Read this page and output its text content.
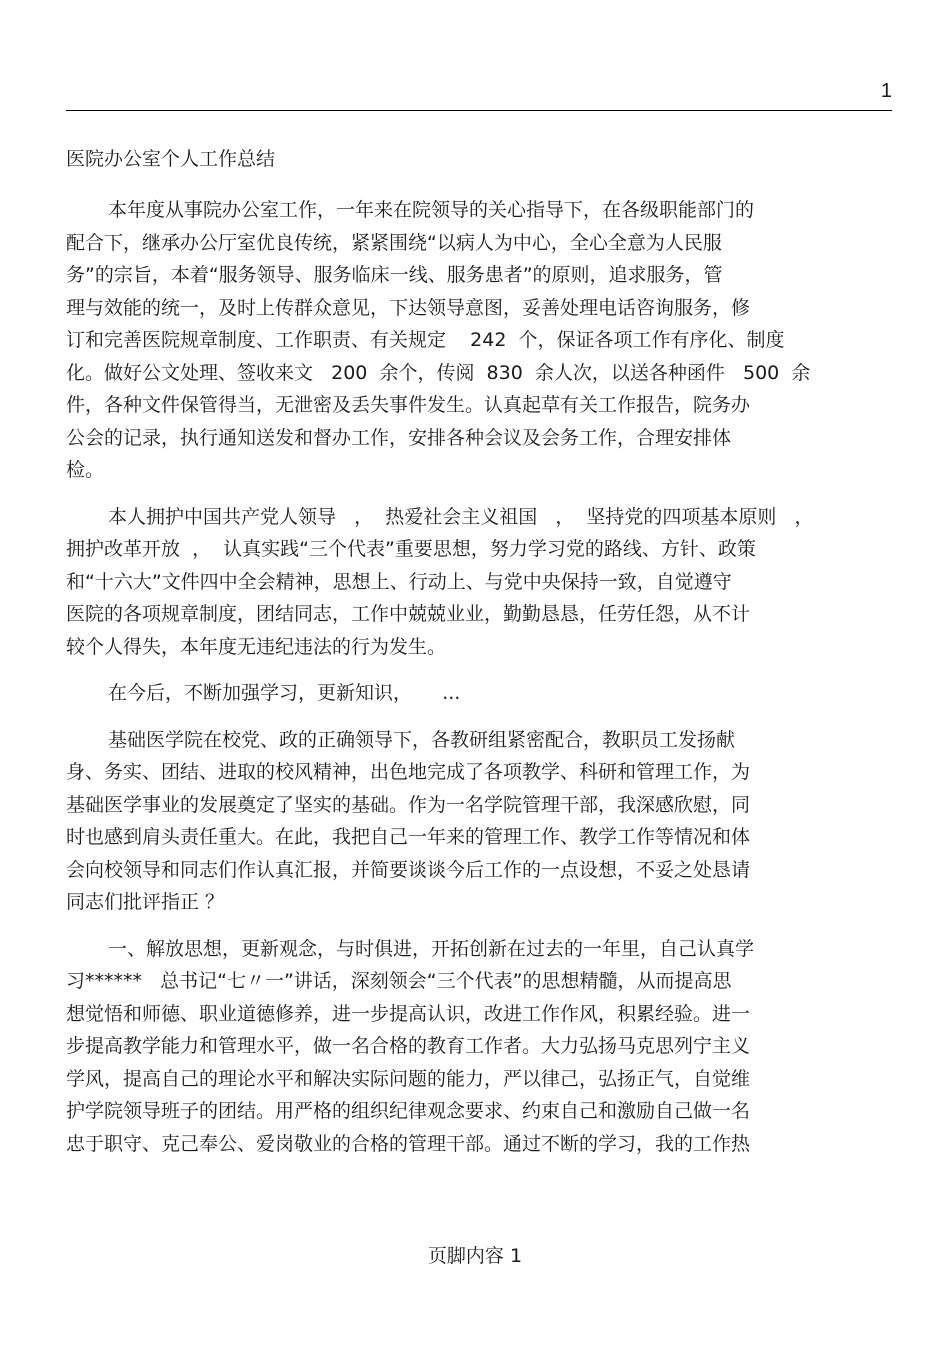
1
医院办公室个人工作总结

本年度从事院办公室工作，一年来在院领导的关心指导下，在各级职能部门的
配合下，继承办公厅室优良传统，紧紧围绕“以病人为中心，全心全意为人民服
务”的宗旨，本着“服务领导、服务临床一线、服务患者”的原则，追求服务，管
理与效能的统一，及时上传群众意见，下达领导意图，妥善处理电话咨询服务，修
订和完善医院规章制度、工作职责、有关规定    242  个，保证各项工作有序化、制度
化。做好公文处理、签收来文   200  余个，传阅  830  余人次，以送各种函件   500  余
件，各种文件保管得当，无泄密及丢失事件发生。认真起草有关工作报告，院务办
公会的记录，执行通知送发和督办工作，安排各种会议及会务工作，合理安排体
检。

本人拥护中国共产党人领导   ，  热爱社会主义祖国   ，  坚持党的四项基本原则   ，
拥护改革开放  ，  认真实践“三个代表”重要思想，努力学习党的路线、方针、政策
和“十六大”文件四中全会精神，思想上、行动上、与党中央保持一致，自觉遵守
医院的各项规章制度，团结同志，工作中兢兢业业，勤勤恳恳，任劳任怨，从不计
较个人得失，本年度无违纪违法的行为发生。

在今后，不断加强学习，更新知识，     ...

基础医学院在校党、政的正确领导下，各教研组紧密配合，教职员工发扬献
身、务实、团结、进取的校风精神，出色地完成了各项教学、科研和管理工作，为
基础医学事业的发展奠定了坚实的基础。作为一名学院管理干部，我深感欣慰，同
时也感到肩头责任重大。在此，我把自己一年来的管理工作、教学工作等情况和体
会向校领导和同志们作认真汇报，并简要谈谈今后工作的一点设想，不妥之处恳请
同志们批评指正 ？

一、解放思想，更新观念，与时俱进，开拓创新在过去的一年里，自己认真学
习******   总书记“七〃一”讲话，深刻领会“三个代表”的思想精髓，从而提高思
想觉悟和师德、职业道德修养，进一步提高认识，改进工作作风，积累经验。进一
步提高教学能力和管理水平，做一名合格的教育工作者。大力弘扬马克思列宁主义
学风，提高自己的理论水平和解决实际问题的能力，严以律己，弘扬正气，自觉维
护学院领导班子的团结。用严格的组织纪律观念要求、约束自己和激励自己做一名
忠于职守、克己奉公、爱岗敬业的合格的管理干部。通过不断的学习，我的工作热

页脚内容 1
